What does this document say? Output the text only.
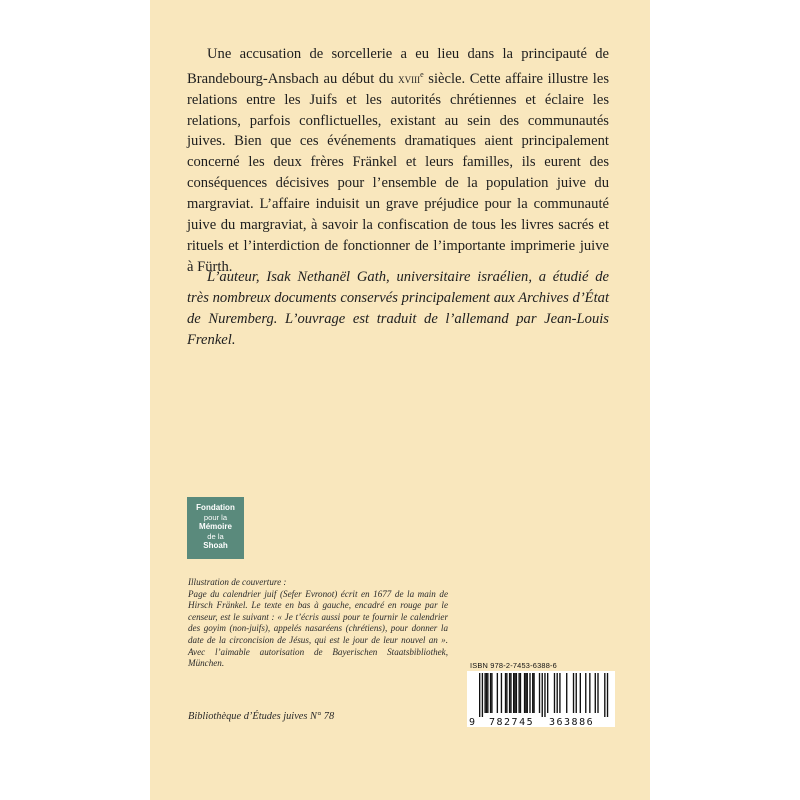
Une accusation de sorcellerie a eu lieu dans la principauté de Brandebourg-Ansbach au début du xviii$^e$ siècle. Cette affaire illustre les relations entre les Juifs et les autorités chrétiennes et éclaire les relations, parfois conflictuelles, existant au sein des communautés juives. Bien que ces événements dramatiques aient principalement concerné les deux frères Fränkel et leurs familles, ils eurent des conséquences décisives pour l’ensemble de la population juive du margraviat. L’affaire induisit un grave préjudice pour la communauté juive du margraviat, à savoir la confiscation de tous les livres sacrés et rituels et l’interdiction de fonctionner de l’importante imprimerie juive à Fürth.

L’auteur, Isak Nethanël Gath, universitaire israélien, a étudié de très nombreux documents conservés principalement aux Archives d’État de Nuremberg. L’ouvrage est traduit de l’allemand par Jean-Louis Frenkel.

Fondation
pour la
Mémoire
de la
Shoah
Illustration de couverture :
Page du calendrier juif (Sefer Evronot) écrit en 1677 de la main de Hirsch Fränkel. Le texte en bas à gauche, encadré en rouge par le censeur, est le suivant : « Je t’écris aussi pour te fournir le calendrier des goyim (non-juifs), appelés nasaréens (chrétiens), pour donner la date de la circoncision de Jésus, qui est le jour de leur nouvel an ». Avec l’aimable autorisation de Bayerischen Staatsbibliothek, München.
Bibliothèque d’Études juives N° 78
ISBN 978-2-7453-6388-6
9 782745 363886
